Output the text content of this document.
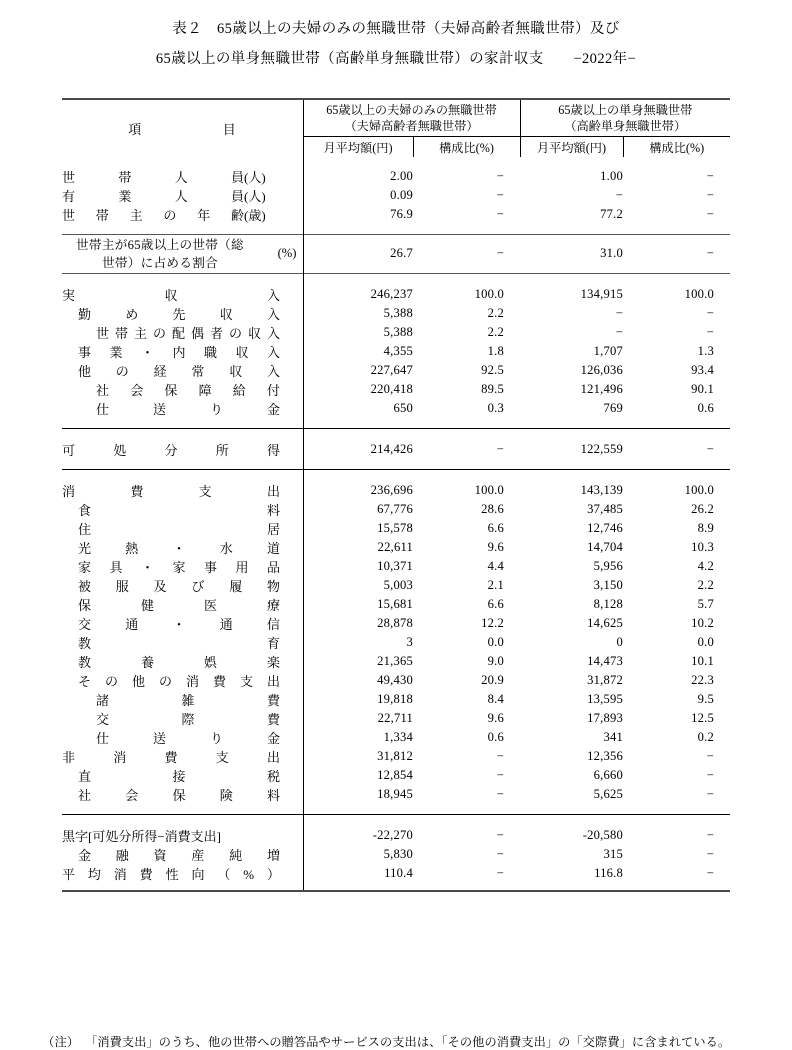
表２　65歳以上の夫婦のみの無職世帯（夫婦高齢者無職世帯）及び
65歳以上の単身無職世帯（高齢単身無職世帯）の家計収支　　−2022年−
項　　　　　　目	
65歳以上の夫婦のみの無職世帯
（夫婦高齢者無職世帯）

65歳以上の単身無職世帯
（高齢単身無職世帯）

	月平均額(円)	構成比(%)	月平均額(円)	構成比(%)

世帯人員 (人)	2.00	−	1.00	−

有業人員 (人)	0.09	−	−	−

世帯主の年齢 (歳)	76.9	−	77.2	−

世帯主が65歳以上の世帯（総
世帯）に占める割合
(%)	26.7	−	31.0	−

実収入	246,237	100.0	134,915	100.0

勤め先収入	5,388	2.2	−	−

世帯主の配偶者の収入	5,388	2.2	−	−

事業・内職収入	4,355	1.8	1,707	1.3

他の経常収入	227,647	92.5	126,036	93.4

社会保障給付	220,418	89.5	121,496	90.1

仕送り金	650	0.3	769	0.6

可処分所得	214,426	−	122,559	−

消費支出	236,696	100.0	143,139	100.0

食料	67,776	28.6	37,485	26.2

住居	15,578	6.6	12,746	8.9

光熱・水道	22,611	9.6	14,704	10.3

家具・家事用品	10,371	4.4	5,956	4.2

被服及び履物	5,003	2.1	3,150	2.2

保健医療	15,681	6.6	8,128	5.7

交通・通信	28,878	12.2	14,625	10.2

教育	3	0.0	0	0.0

教養娯楽	21,365	9.0	14,473	10.1

その他の消費支出	49,430	20.9	31,872	22.3

諸雑費	19,818	8.4	13,595	9.5

交際費	22,711	9.6	17,893	12.5

仕送り金	1,334	0.6	341	0.2

非消費支出	31,812	−	12,356	−

直接税	12,854	−	6,660	−

社会保険料	18,945	−	5,625	−

黒字[可処分所得−消費支出]	-22,270	−	-20,580	−

金融資産純増	5,830	−	315	−

平均消費性向（%）	110.4	−	116.8	−

（注） 「消費支出」のうち、他の世帯への贈答品やサービスの支出は、「その他の消費支出」の「交際費」に含まれている。
